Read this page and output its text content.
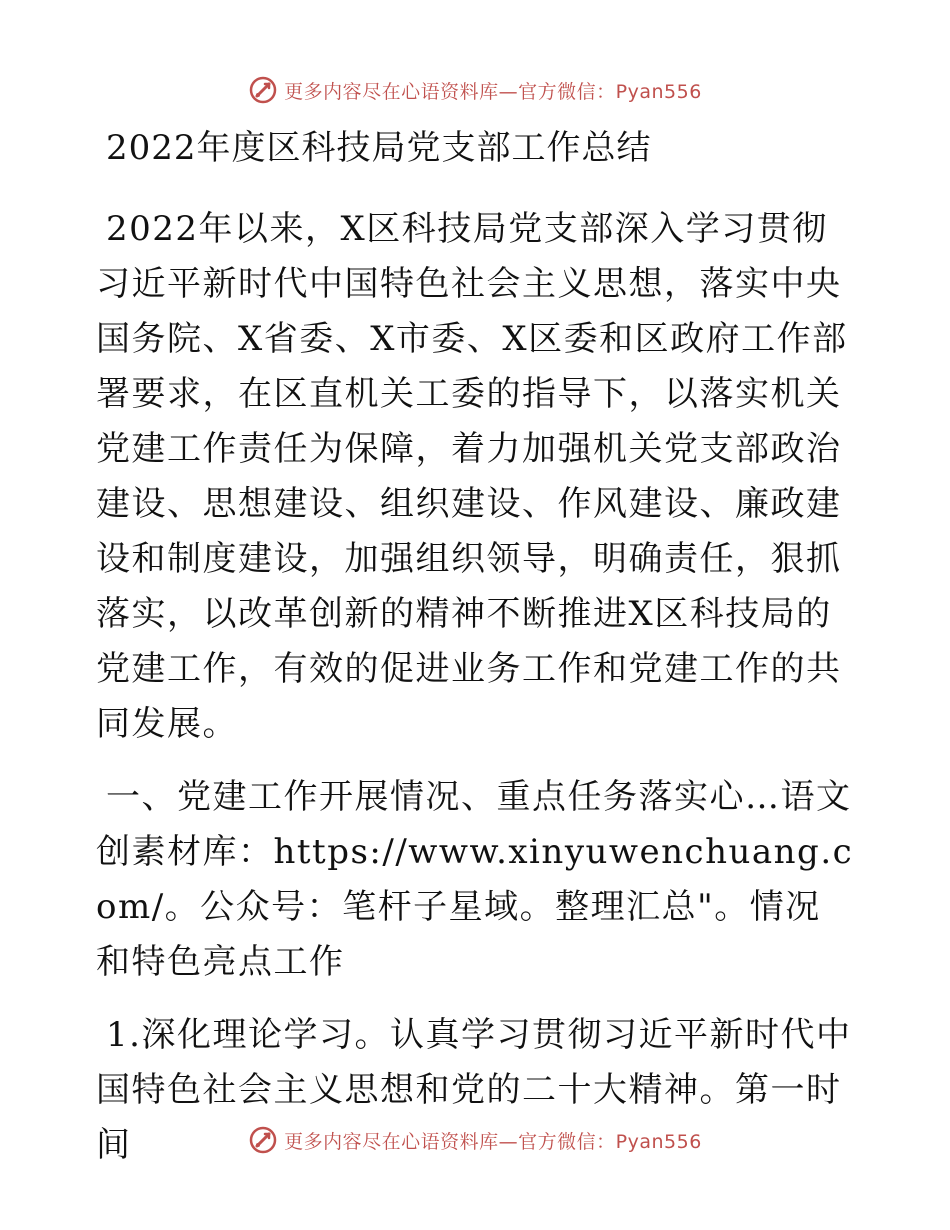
更多内容尽在心语资料库—官方微信：Pyan556
2022年度区科技局党支部工作总结

2022年以来，X区科技局党支部深入学习贯彻习近平新时代中国特色社会主义思想，落实中央国务院、X省委、X市委、X区委和区政府工作部署要求，在区直机关工委的指导下，以落实机关党建工作责任为保障，着力加强机关党支部政治建设、思想建设、组织建设、作风建设、廉政建设和制度建设，加强组织领导，明确责任，狠抓落实，以改革创新的精神不断推进X区科技局的党建工作，有效的促进业务工作和党建工作的共同发展。

一、党建工作开展情况、重点任务落实心…语文创素材库：https://www.xinyuwenchuang.com/。公众号：笔杆子星域。整理汇总"。情况和特色亮点工作

1.深化理论学习。认真学习贯彻习近平新时代中国特色社会主义思想和党的二十大精神。第一时间	更多内容尽在心语资料库—官方微信：Pyan556
